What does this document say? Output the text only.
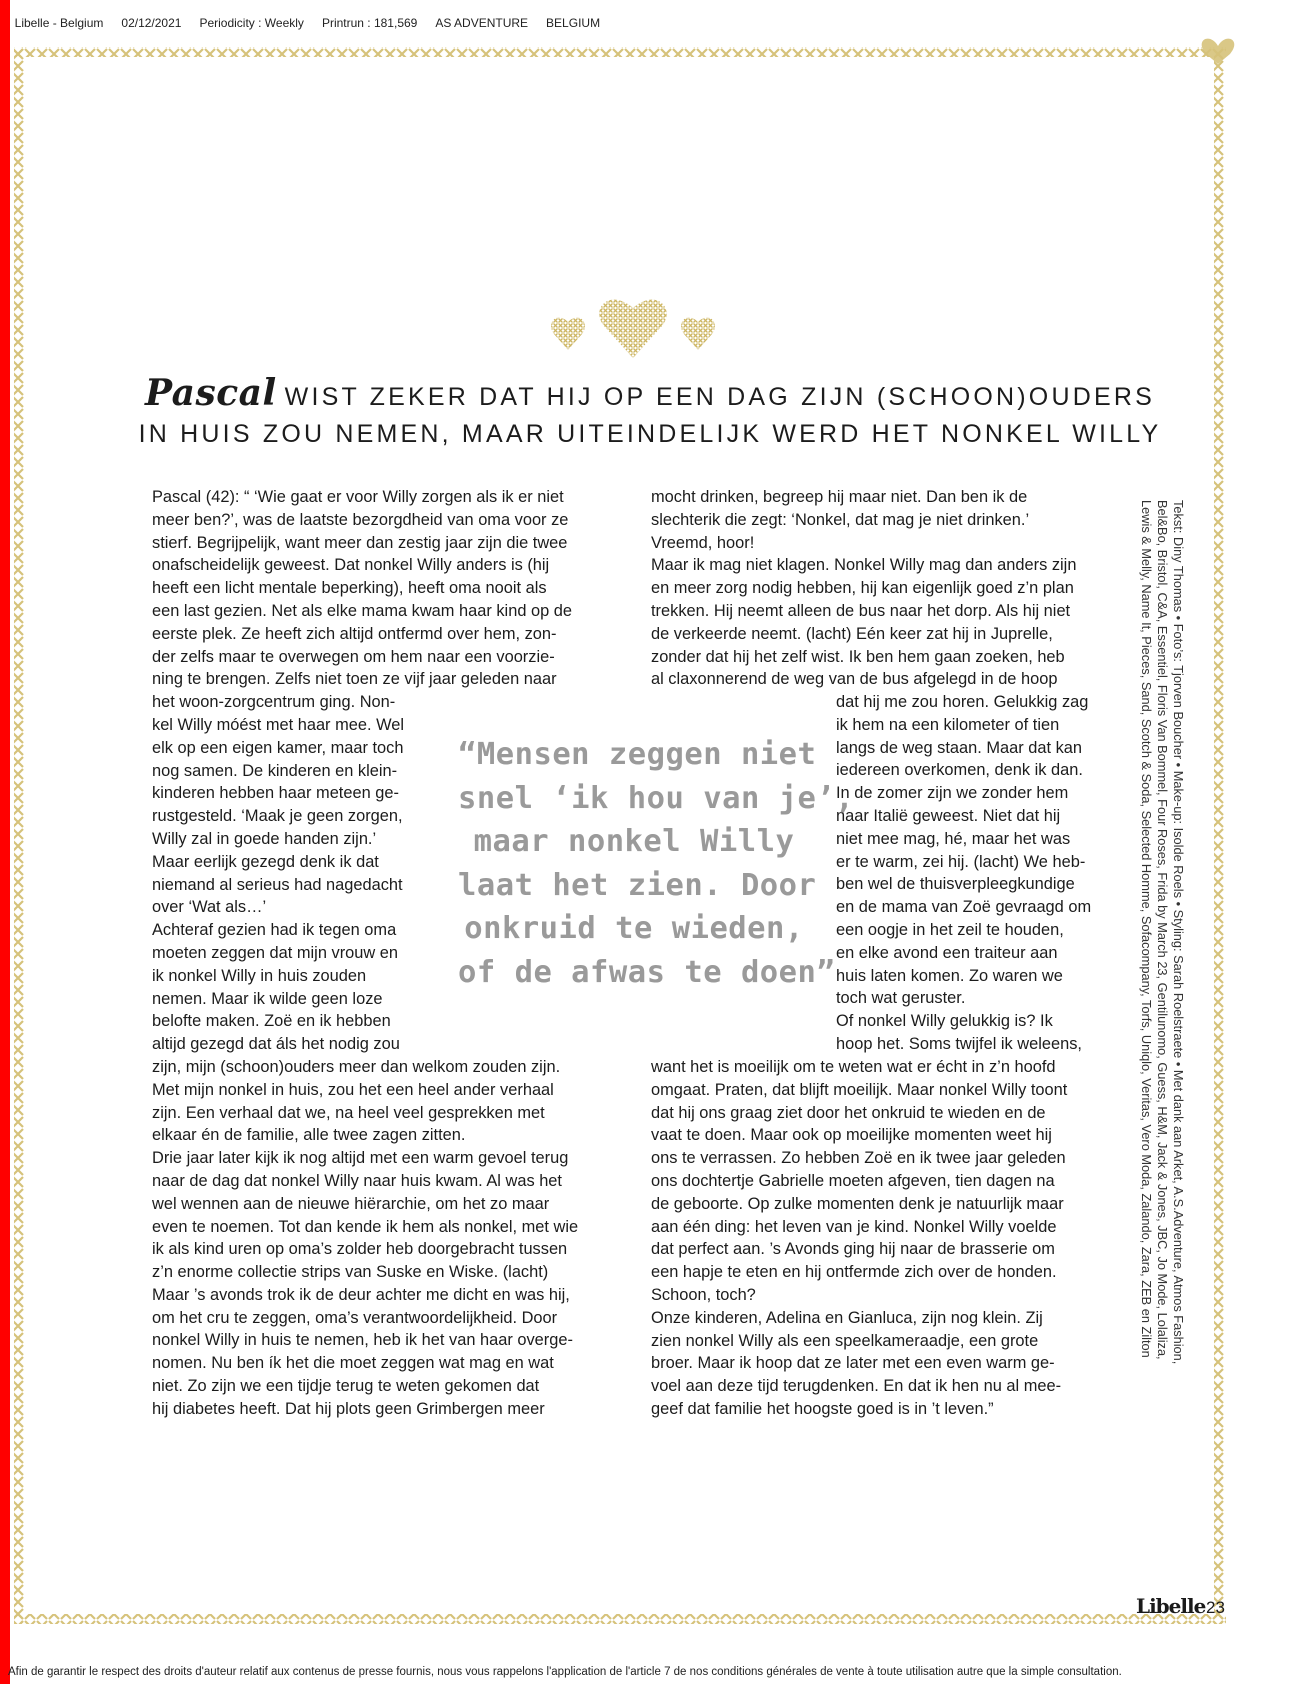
Libelle - Belgium 02/12/2021 Periodicity : Weekly Printrun : 181,569 AS ADVENTURE BELGIUM

Pascal WIST ZEKER DAT HIJ OP EEN DAG ZIJN (SCHOON)OUDERS
IN HUIS ZOU NEMEN, MAAR UITEINDELIJK WERD HET NONKEL WILLY

Pascal (42): “ ‘Wie gaat er voor Willy zorgen als ik er niet

meer ben?’, was de laatste bezorgdheid van oma voor ze

stierf. Begrijpelijk, want meer dan zestig jaar zijn die twee

onafscheidelijk geweest. Dat nonkel Willy anders is (hij

heeft een licht mentale beperking), heeft oma nooit als

een last gezien. Net als elke mama kwam haar kind op de

eerste plek. Ze heeft zich altijd ontfermd over hem, zon-

der zelfs maar te overwegen om hem naar een voorzie-

ning te brengen. Zelfs niet toen ze vijf jaar geleden naar

het woon-zorgcentrum ging. Non-

kel Willy móést met haar mee. Wel

elk op een eigen kamer, maar toch

nog samen. De kinderen en klein-

kinderen hebben haar meteen ge-

rustgesteld. ‘Maak je geen zorgen,

Willy zal in goede handen zijn.’

Maar eerlijk gezegd denk ik dat

niemand al serieus had nagedacht

over ‘Wat als…’

Achteraf gezien had ik tegen oma

moeten zeggen dat mijn vrouw en

ik nonkel Willy in huis zouden

nemen. Maar ik wilde geen loze

belofte maken. Zoë en ik hebben

altijd gezegd dat áls het nodig zou

zijn, mijn (schoon)ouders meer dan welkom zouden zijn.

Met mijn nonkel in huis, zou het een heel ander verhaal

zijn. Een verhaal dat we, na heel veel gesprekken met

elkaar én de familie, alle twee zagen zitten.

Drie jaar later kijk ik nog altijd met een warm gevoel terug

naar de dag dat nonkel Willy naar huis kwam. Al was het

wel wennen aan de nieuwe hiërarchie, om het zo maar

even te noemen. Tot dan kende ik hem als nonkel, met wie

ik als kind uren op oma’s zolder heb doorgebracht tussen

z’n enorme collectie strips van Suske en Wiske. (lacht)

Maar ’s avonds trok ik de deur achter me dicht en was hij,

om het cru te zeggen, oma’s verantwoordelijkheid. Door

nonkel Willy in huis te nemen, heb ik het van haar overge-

nomen. Nu ben ík het die moet zeggen wat mag en wat

niet. Zo zijn we een tijdje terug te weten gekomen dat

hij diabetes heeft. Dat hij plots geen Grimbergen meer

mocht drinken, begreep hij maar niet. Dan ben ik de

slechterik die zegt: ‘Nonkel, dat mag je niet drinken.’

Vreemd, hoor!

Maar ik mag niet klagen. Nonkel Willy mag dan anders zijn

en meer zorg nodig hebben, hij kan eigenlijk goed z’n plan

trekken. Hij neemt alleen de bus naar het dorp. Als hij niet

de verkeerde neemt. (lacht) Eén keer zat hij in Juprelle,

zonder dat hij het zelf wist. Ik ben hem gaan zoeken, heb

al claxonnerend de weg van de bus afgelegd in de hoop

dat hij me zou horen. Gelukkig zag

ik hem na een kilometer of tien

langs de weg staan. Maar dat kan

iedereen overkomen, denk ik dan.

In de zomer zijn we zonder hem

naar Italië geweest. Niet dat hij

niet mee mag, hé, maar het was

er te warm, zei hij. (lacht) We heb-

ben wel de thuisverpleegkundige

en de mama van Zoë gevraagd om

een oogje in het zeil te houden,

en elke avond een traiteur aan

huis laten komen. Zo waren we

toch wat geruster.

Of nonkel Willy gelukkig is? Ik

hoop het. Soms twijfel ik weleens,

want het is moeilijk om te weten wat er écht in z’n hoofd

omgaat. Praten, dat blijft moeilijk. Maar nonkel Willy toont

dat hij ons graag ziet door het onkruid te wieden en de

vaat te doen. Maar ook op moeilijke momenten weet hij

ons te verrassen. Zo hebben Zoë en ik twee jaar geleden

ons dochtertje Gabrielle moeten afgeven, tien dagen na

de geboorte. Op zulke momenten denk je natuurlijk maar

aan één ding: het leven van je kind. Nonkel Willy voelde

dat perfect aan. ’s Avonds ging hij naar de brasserie om

een hapje te eten en hij ontfermde zich over de honden.

Schoon, toch?

Onze kinderen, Adelina en Gianluca, zijn nog klein. Zij

zien nonkel Willy als een speelkameraadje, een grote

broer. Maar ik hoop dat ze later met een even warm ge-

voel aan deze tijd terugdenken. En dat ik hen nu al mee-

geef dat familie het hoogste goed is in ’t leven.”

“Mensen zeggen niet

snel ‘ik hou van je’,

maar nonkel Willy

laat het zien. Door

onkruid te wieden,

of de afwas te doen”	Tekst: Diny Thomas • Foto’s: Tjorven Boucher • Make-up: Isolde Roels • Styling: Sarah Roelstraete • Met dank aan Arket, A.S.Adventure, Atmos Fashion,

Bel&Bo, Bristol, C&A, Essentiel, Floris Van Bommel, Four Roses, Frida by March 23, Gentilunomo, Guess, H&M, Jack & Jones, JBC, Jo Mode, Lolaliza,

Lewis & Melly, Name It, Pieces, Sand, Scotch & Soda, Selected Homme, Sofacompany, Torfs, Uniqlo, Veritas, Vero Moda, Zalando, Zara, ZEB en Zilton

Libelle 23
Afin de garantir le respect des droits d'auteur relatif aux contenus de presse fournis, nous vous rappelons l'application de l'article 7 de nos conditions générales de vente à toute utilisation autre que la simple consultation.
